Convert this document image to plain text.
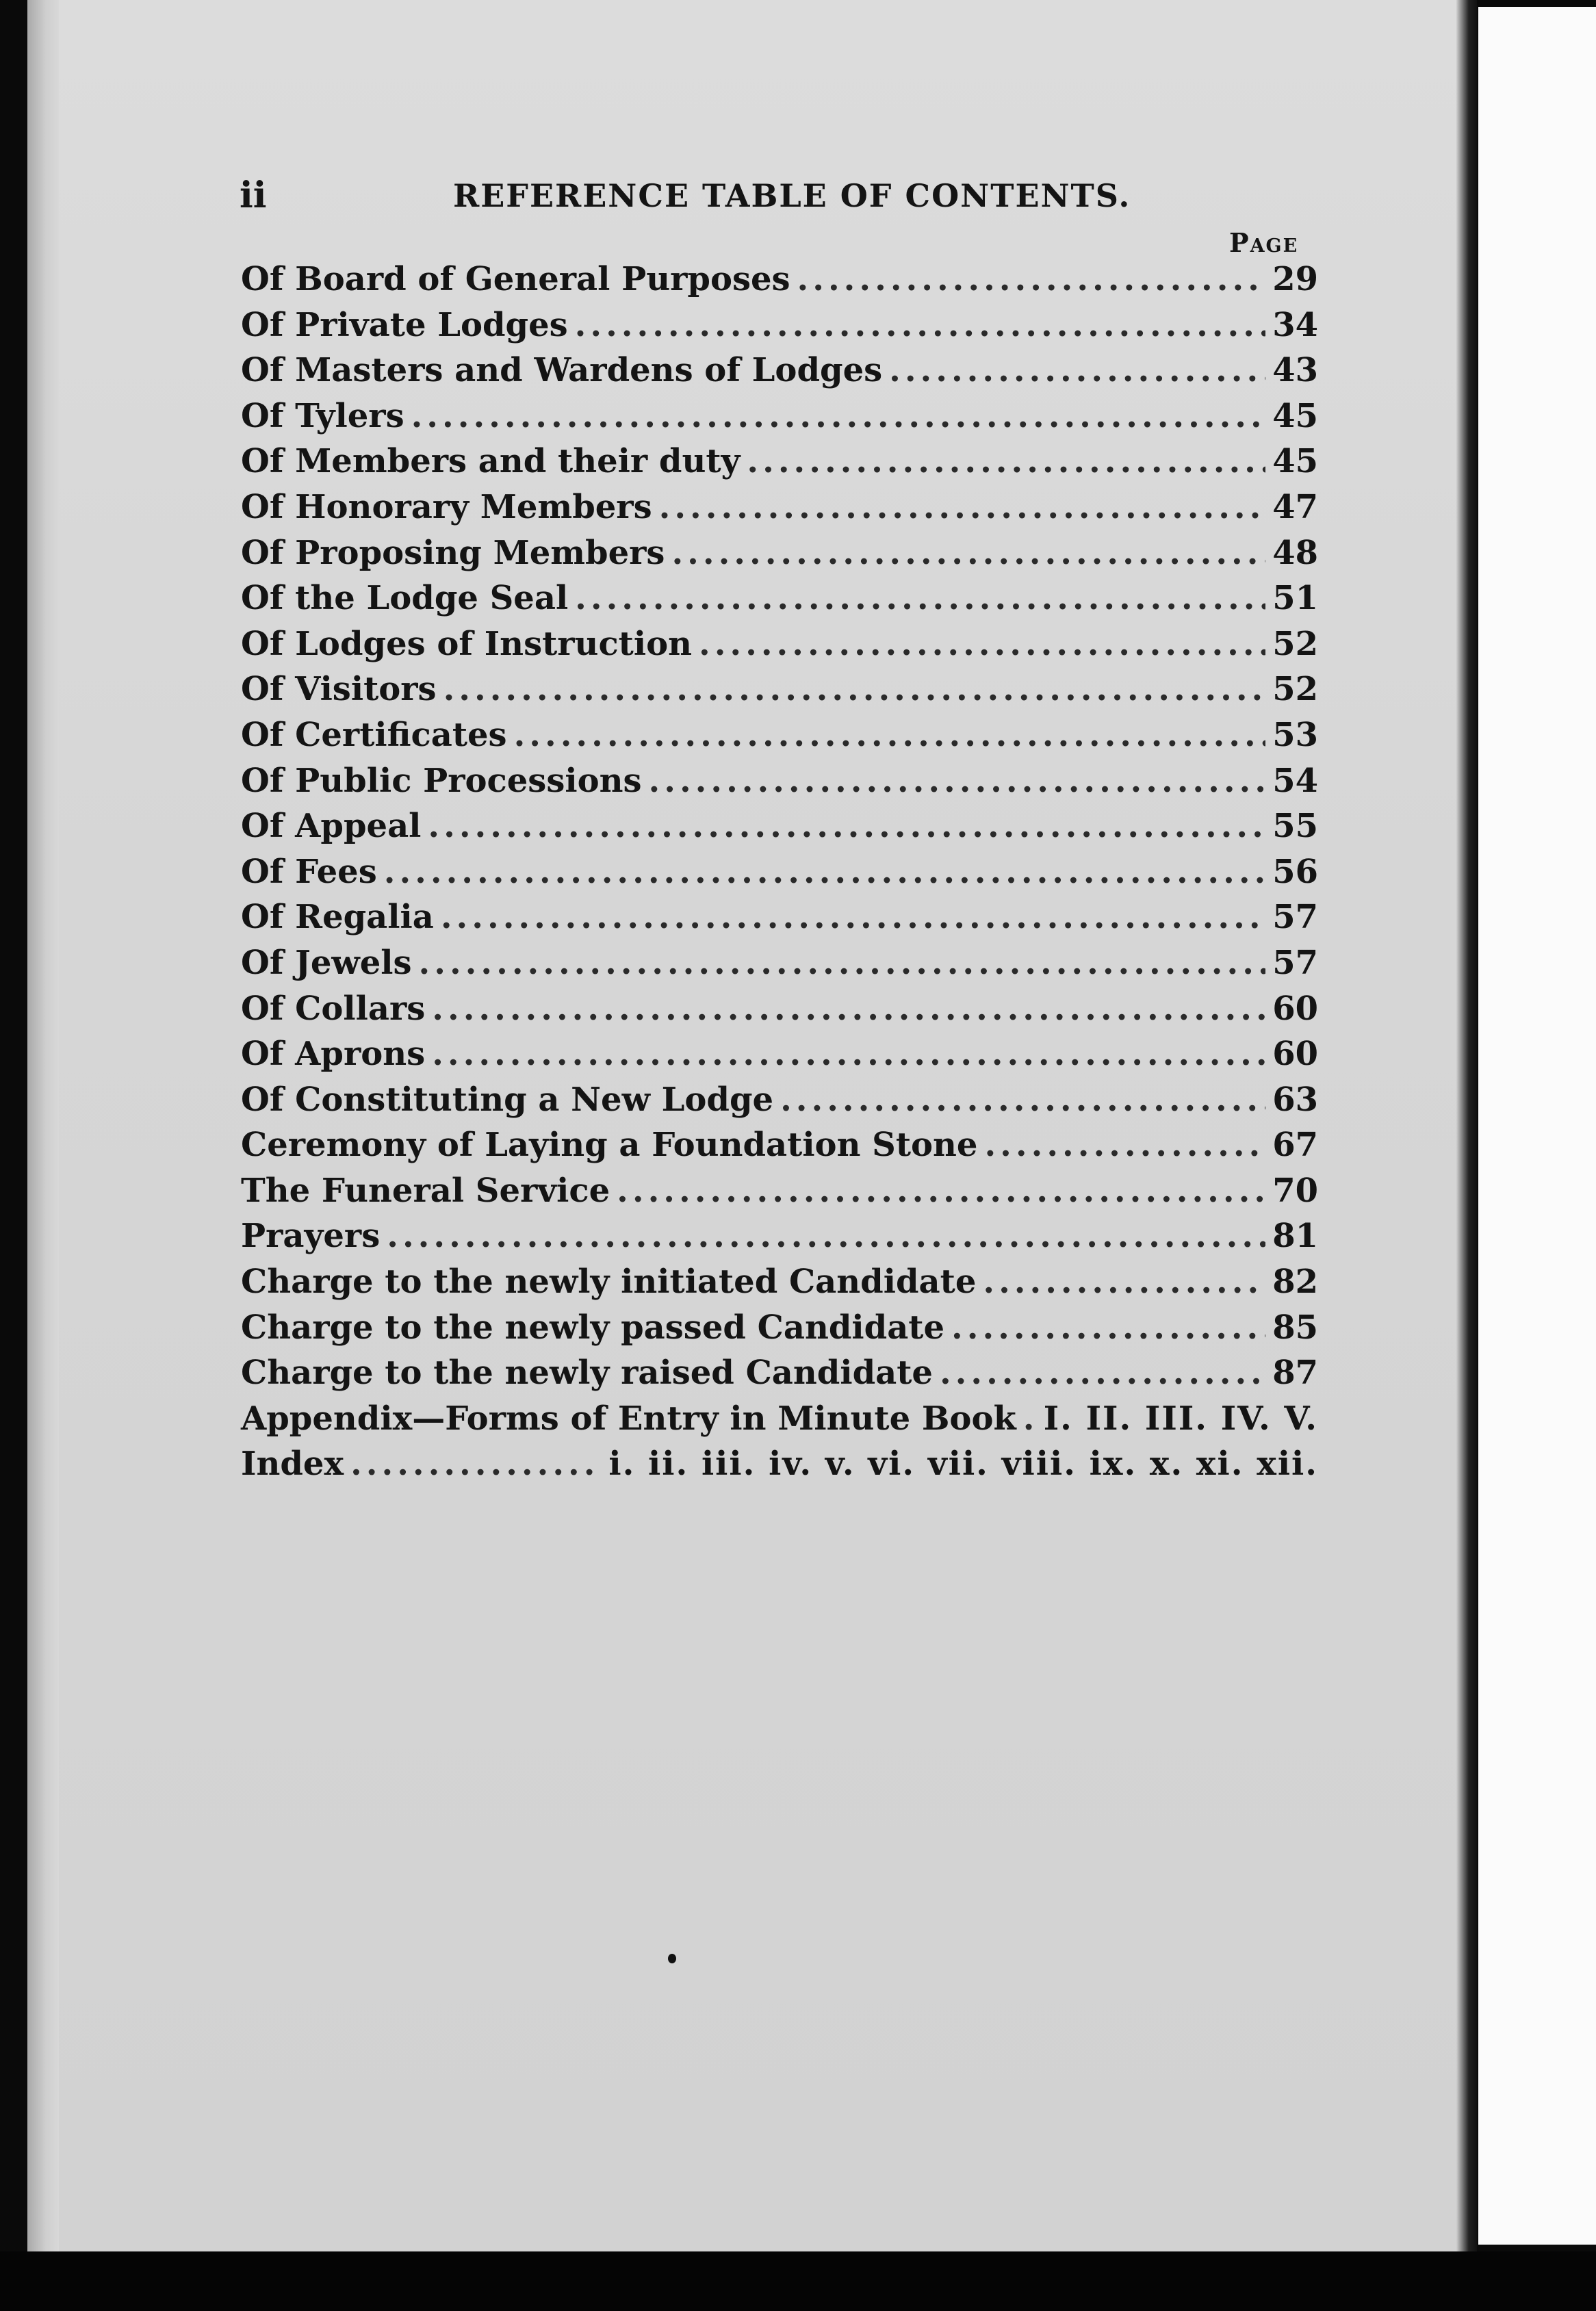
ii	REFERENCE TABLE OF CONTENTS.
Page
Of Board of General Purposes .....	29
Of Private Lodges .....	34
Of Masters and Wardens of Lodges .....	43
Of Tylers .....	45
Of Members and their duty .....	45
Of Honorary Members .....	47
Of Proposing Members .....	48
Of the Lodge Seal .....	51
Of Lodges of Instruction .....	52
Of Visitors .....	52
Of Certificates .....	53
Of Public Processions .....	54
Of Appeal .....	55
Of Fees .....	56
Of Regalia .....	57
Of Jewels .....	57
Of Collars .....	60
Of Aprons .....	60
Of Constituting a New Lodge .....	63
Ceremony of Laying a Foundation Stone .....	67
The Funeral Service .....	70
Prayers .....	81
Charge to the newly initiated Candidate .....	82
Charge to the newly passed Candidate .....	85
Charge to the newly raised Candidate .....	87
Appendix—Forms of Entry in Minute Book ..... I. II. III. IV. V.
Index .....	i. ii. iii. iv. v. vi. vii. viii. ix. x. xi. xii.
